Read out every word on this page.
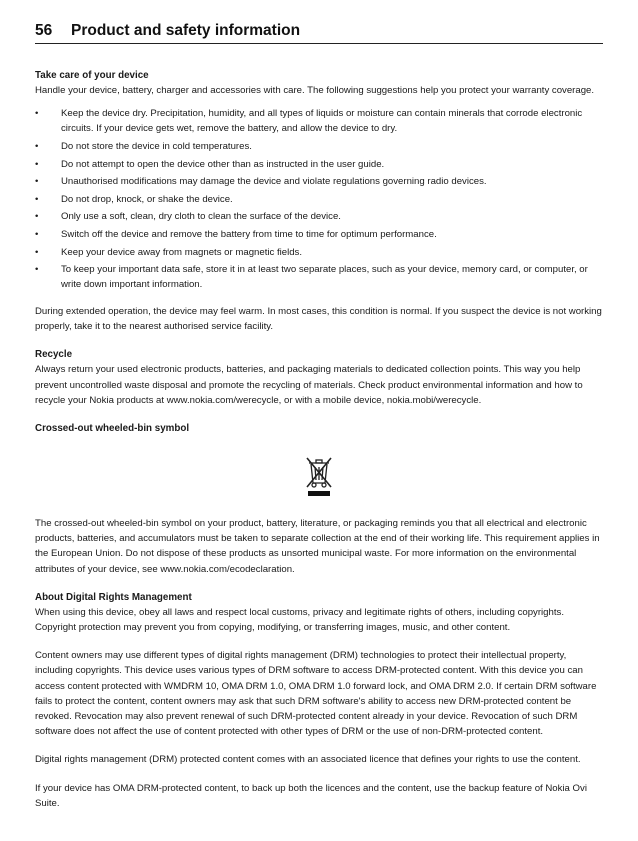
56	Product and safety information
Take care of your device

Handle your device, battery, charger and accessories with care. The following suggestions help you protect your warranty coverage.

• Keep the device dry. Precipitation, humidity, and all types of liquids or moisture can contain minerals that corrode electronic circuits. If your device gets wet, remove the battery, and allow the device to dry.
• Do not store the device in cold temperatures.
• Do not attempt to open the device other than as instructed in the user guide.
• Unauthorised modifications may damage the device and violate regulations governing radio devices.
• Do not drop, knock, or shake the device.
• Only use a soft, clean, dry cloth to clean the surface of the device.
• Switch off the device and remove the battery from time to time for optimum performance.
• Keep your device away from magnets or magnetic fields.
• To keep your important data safe, store it in at least two separate places, such as your device, memory card, or computer, or write down important information.

During extended operation, the device may feel warm. In most cases, this condition is normal. If you suspect the device is not working properly, take it to the nearest authorised service facility.

Recycle

Always return your used electronic products, batteries, and packaging materials to dedicated collection points. This way you help prevent uncontrolled waste disposal and promote the recycling of materials. Check product environmental information and how to recycle your Nokia products at www.nokia.com/werecycle, or with a mobile device, nokia.mobi/werecycle.

Crossed-out wheeled-bin symbol

The crossed-out wheeled-bin symbol on your product, battery, literature, or packaging reminds you that all electrical and electronic products, batteries, and accumulators must be taken to separate collection at the end of their working life. This requirement applies in the European Union. Do not dispose of these products as unsorted municipal waste. For more information on the environmental attributes of your device, see www.nokia.com/ecodeclaration.

About Digital Rights Management

When using this device, obey all laws and respect local customs, privacy and legitimate rights of others, including copyrights. Copyright protection may prevent you from copying, modifying, or transferring images, music, and other content.

Content owners may use different types of digital rights management (DRM) technologies to protect their intellectual property, including copyrights. This device uses various types of DRM software to access DRM-protected content. With this device you can access content protected with WMDRM 10, OMA DRM 1.0, OMA DRM 1.0 forward lock, and OMA DRM 2.0. If certain DRM software fails to protect the content, content owners may ask that such DRM software's ability to access new DRM-protected content be revoked. Revocation may also prevent renewal of such DRM-protected content already in your device. Revocation of such DRM software does not affect the use of content protected with other types of DRM or the use of non-DRM-protected content.

Digital rights management (DRM) protected content comes with an associated licence that defines your rights to use the content.

If your device has OMA DRM-protected content, to back up both the licences and the content, use the backup feature of Nokia Ovi Suite.
